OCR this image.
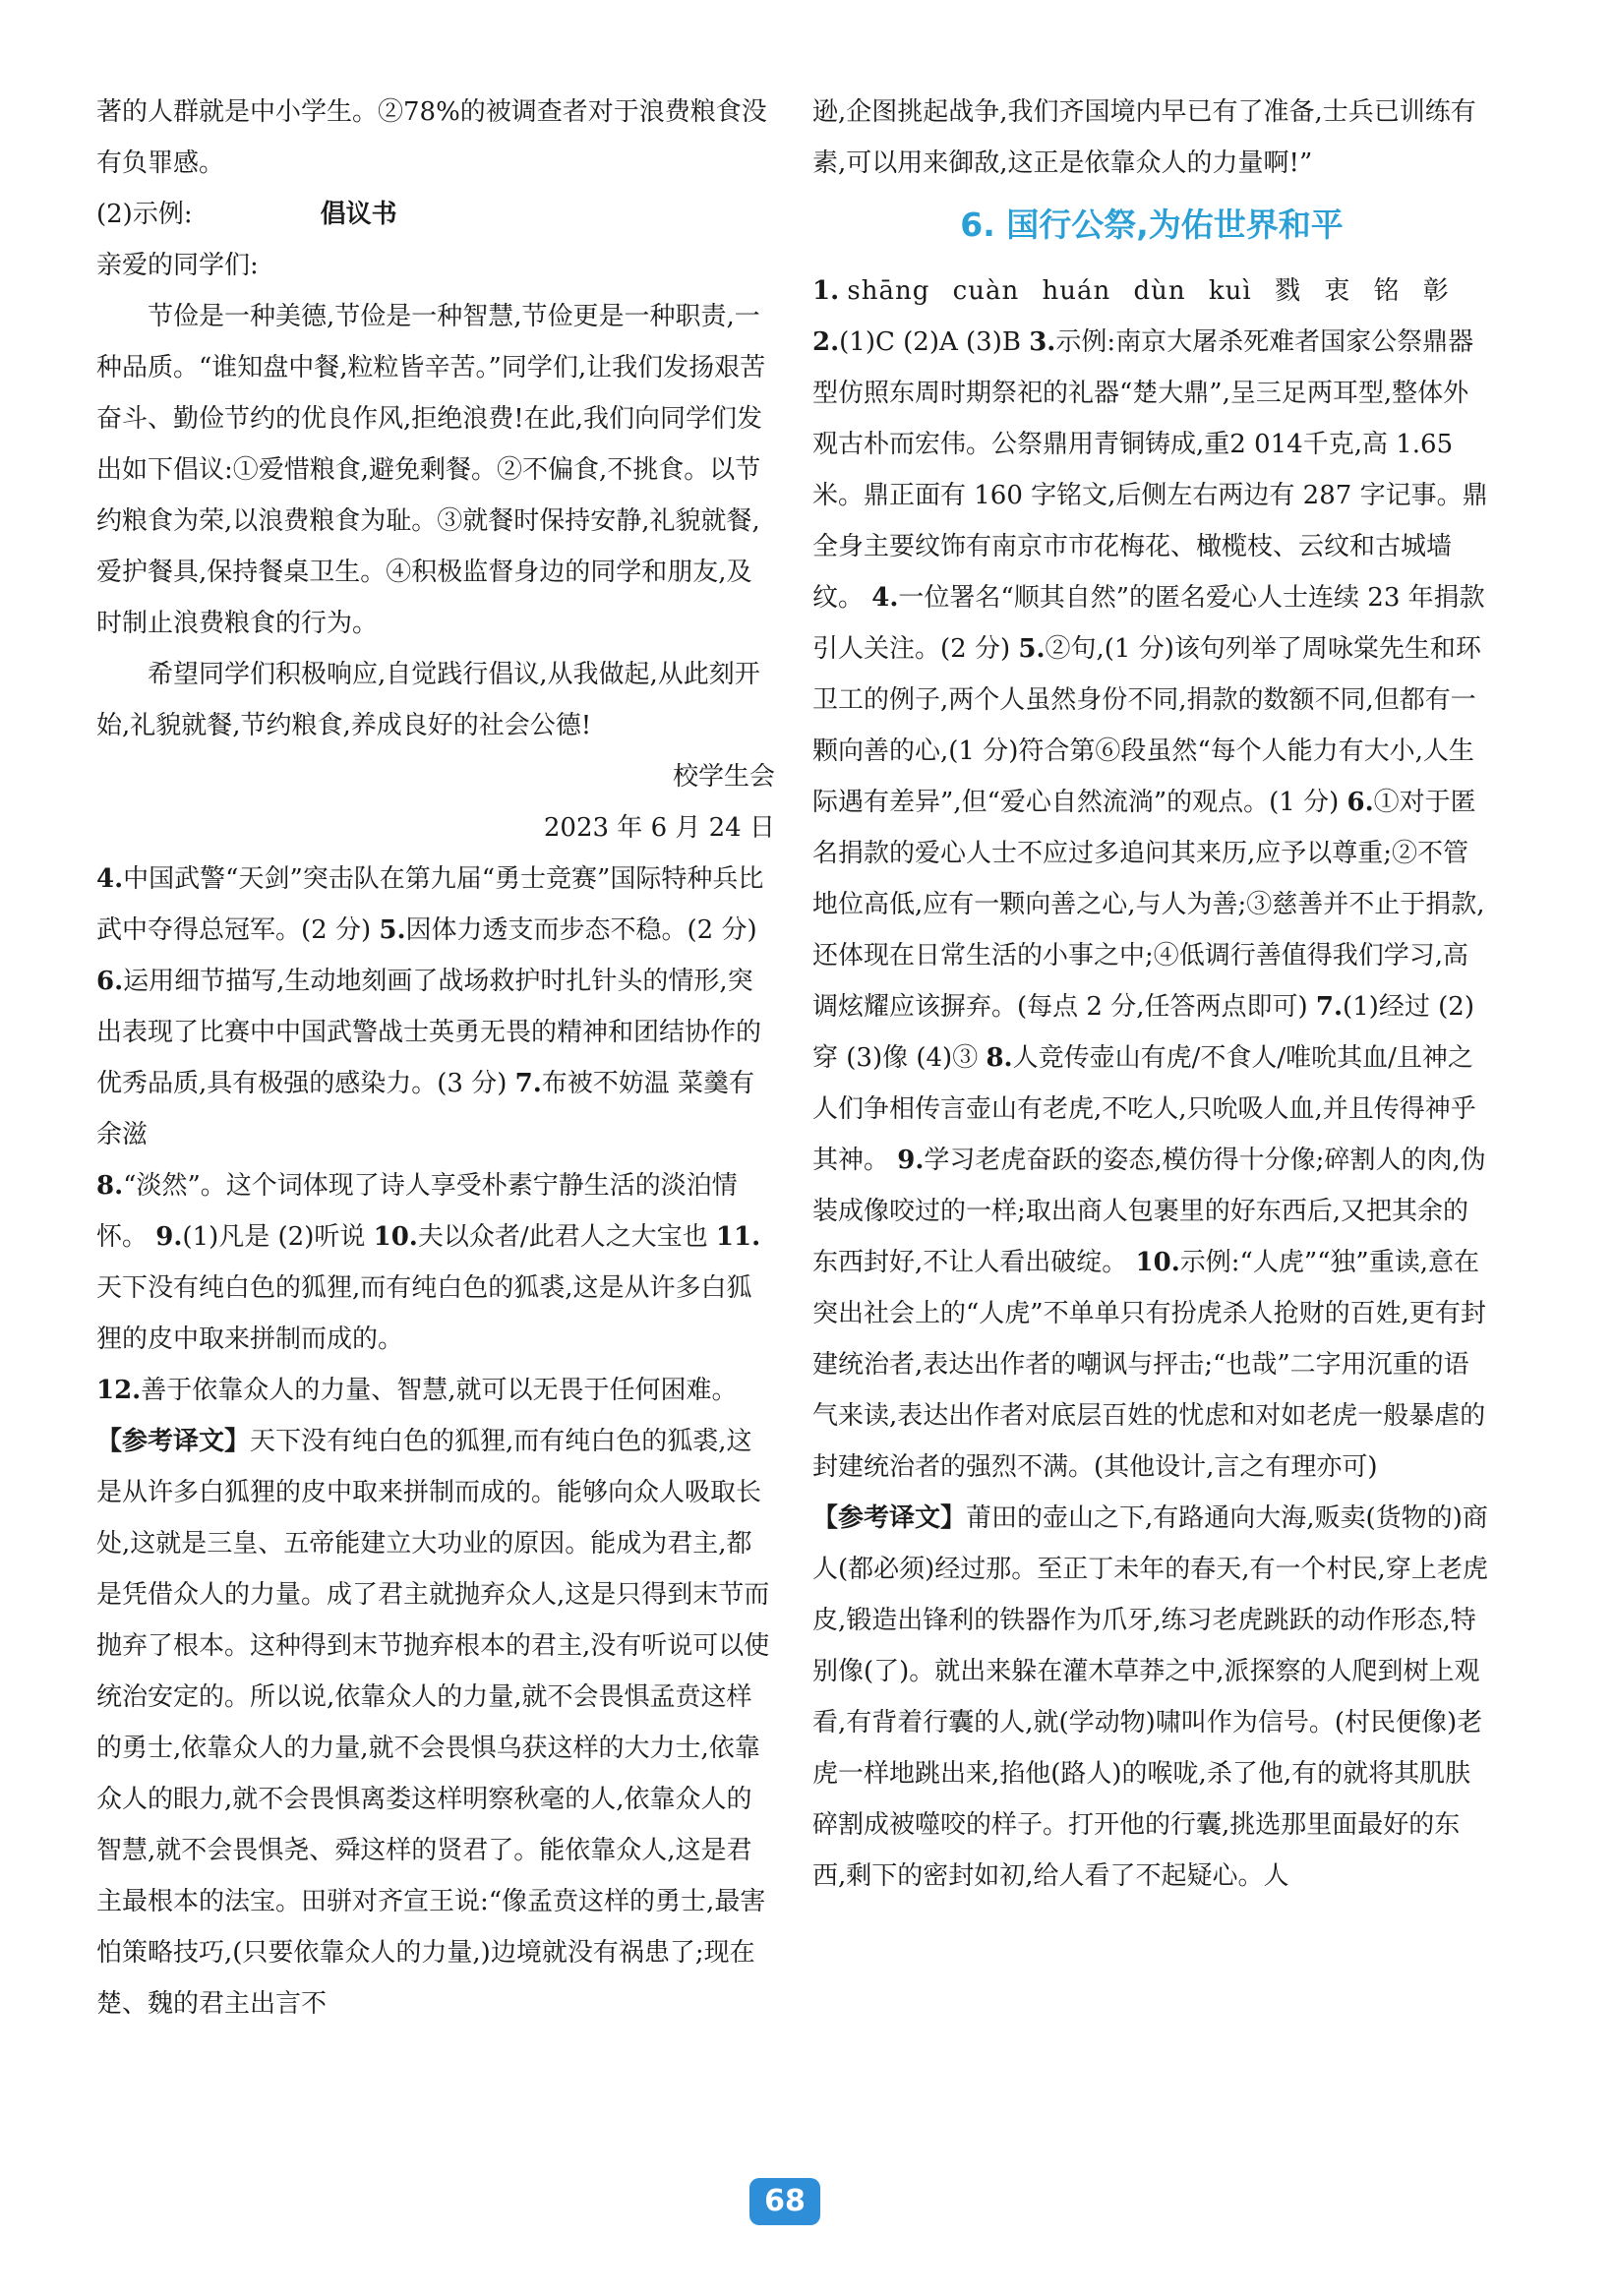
著的人群就是中小学生。②78%的被调查者对于浪费粮食没有负罪感。

(2)示例:	倡议书

亲爱的同学们:

节俭是一种美德,节俭是一种智慧,节俭更是一种职责,一种品质。“谁知盘中餐,粒粒皆辛苦。”同学们,让我们发扬艰苦奋斗、勤俭节约的优良作风,拒绝浪费!在此,我们向同学们发出如下倡议:①爱惜粮食,避免剩餐。②不偏食,不挑食。以节约粮食为荣,以浪费粮食为耻。③就餐时保持安静,礼貌就餐,爱护餐具,保持餐桌卫生。④积极监督身边的同学和朋友,及时制止浪费粮食的行为。

希望同学们积极响应,自觉践行倡议,从我做起,从此刻开始,礼貌就餐,节约粮食,养成良好的社会公德!

校学生会

2023 年 6 月 24 日

4.中国武警“天剑”突击队在第九届“勇士竞赛”国际特种兵比武中夺得总冠军。(2 分) 5.因体力透支而步态不稳。(2 分) 6.运用细节描写,生动地刻画了战场救护时扎针头的情形,突出表现了比赛中中国武警战士英勇无畏的精神和团结协作的优秀品质,具有极强的感染力。(3 分) 7.布被不妨温 菜羹有余滋

8.“淡然”。这个词体现了诗人享受朴素宁静生活的淡泊情怀。 9.(1)凡是 (2)听说 10.夫以众者/此君人之大宝也 11.天下没有纯白色的狐狸,而有纯白色的狐裘,这是从许多白狐狸的皮中取来拼制而成的。

12.善于依靠众人的力量、智慧,就可以无畏于任何困难。

【参考译文】天下没有纯白色的狐狸,而有纯白色的狐裘,这是从许多白狐狸的皮中取来拼制而成的。能够向众人吸取长处,这就是三皇、五帝能建立大功业的原因。能成为君主,都是凭借众人的力量。成了君主就抛弃众人,这是只得到末节而抛弃了根本。这种得到末节抛弃根本的君主,没有听说可以使统治安定的。所以说,依靠众人的力量,就不会畏惧孟贲这样的勇士,依靠众人的力量,就不会畏惧乌获这样的大力士,依靠众人的眼力,就不会畏惧离娄这样明察秋毫的人,依靠众人的智慧,就不会畏惧尧、舜这样的贤君了。能依靠众人,这是君主最根本的法宝。田骈对齐宣王说:“像孟贲这样的勇士,最害怕策略技巧,(只要依靠众人的力量,)边境就没有祸患了;现在楚、魏的君主出言不

逊,企图挑起战争,我们齐国境内早已有了准备,士兵已训练有素,可以用来御敌,这正是依靠众人的力量啊!”

6. 国行公祭,为佑世界和平

1. shāng cuàn huán dùn kuì 戮 衷 铭 彰

2.(1)C (2)A (3)B 3.示例:南京大屠杀死难者国家公祭鼎器型仿照东周时期祭祀的礼器“楚大鼎”,呈三足两耳型,整体外观古朴而宏伟。公祭鼎用青铜铸成,重2 014千克,高 1.65 米。鼎正面有 160 字铭文,后侧左右两边有 287 字记事。鼎全身主要纹饰有南京市市花梅花、橄榄枝、云纹和古城墙纹。 4.一位署名“顺其自然”的匿名爱心人士连续 23 年捐款引人关注。(2 分) 5.②句,(1 分)该句列举了周咏棠先生和环卫工的例子,两个人虽然身份不同,捐款的数额不同,但都有一颗向善的心,(1 分)符合第⑥段虽然“每个人能力有大小,人生际遇有差异”,但“爱心自然流淌”的观点。(1 分) 6.①对于匿名捐款的爱心人士不应过多追问其来历,应予以尊重;②不管地位高低,应有一颗向善之心,与人为善;③慈善并不止于捐款,还体现在日常生活的小事之中;④低调行善值得我们学习,高调炫耀应该摒弃。(每点 2 分,任答两点即可) 7.(1)经过 (2)穿 (3)像 (4)③ 8.人竞传壶山有虎/不食人/唯吮其血/且神之 人们争相传言壶山有老虎,不吃人,只吮吸人血,并且传得神乎其神。 9.学习老虎奋跃的姿态,模仿得十分像;碎割人的肉,伪装成像咬过的一样;取出商人包裹里的好东西后,又把其余的东西封好,不让人看出破绽。 10.示例:“人虎”“独”重读,意在突出社会上的“人虎”不单单只有扮虎杀人抢财的百姓,更有封建统治者,表达出作者的嘲讽与抨击;“也哉”二字用沉重的语气来读,表达出作者对底层百姓的忧虑和对如老虎一般暴虐的封建统治者的强烈不满。(其他设计,言之有理亦可)

【参考译文】莆田的壶山之下,有路通向大海,贩卖(货物的)商人(都必须)经过那。至正丁未年的春天,有一个村民,穿上老虎皮,锻造出锋利的铁器作为爪牙,练习老虎跳跃的动作形态,特别像(了)。就出来躲在灌木草莽之中,派探察的人爬到树上观看,有背着行囊的人,就(学动物)啸叫作为信号。(村民便像)老虎一样地跳出来,掐他(路人)的喉咙,杀了他,有的就将其肌肤碎割成被噬咬的样子。打开他的行囊,挑选那里面最好的东西,剩下的密封如初,给人看了不起疑心。人

68
